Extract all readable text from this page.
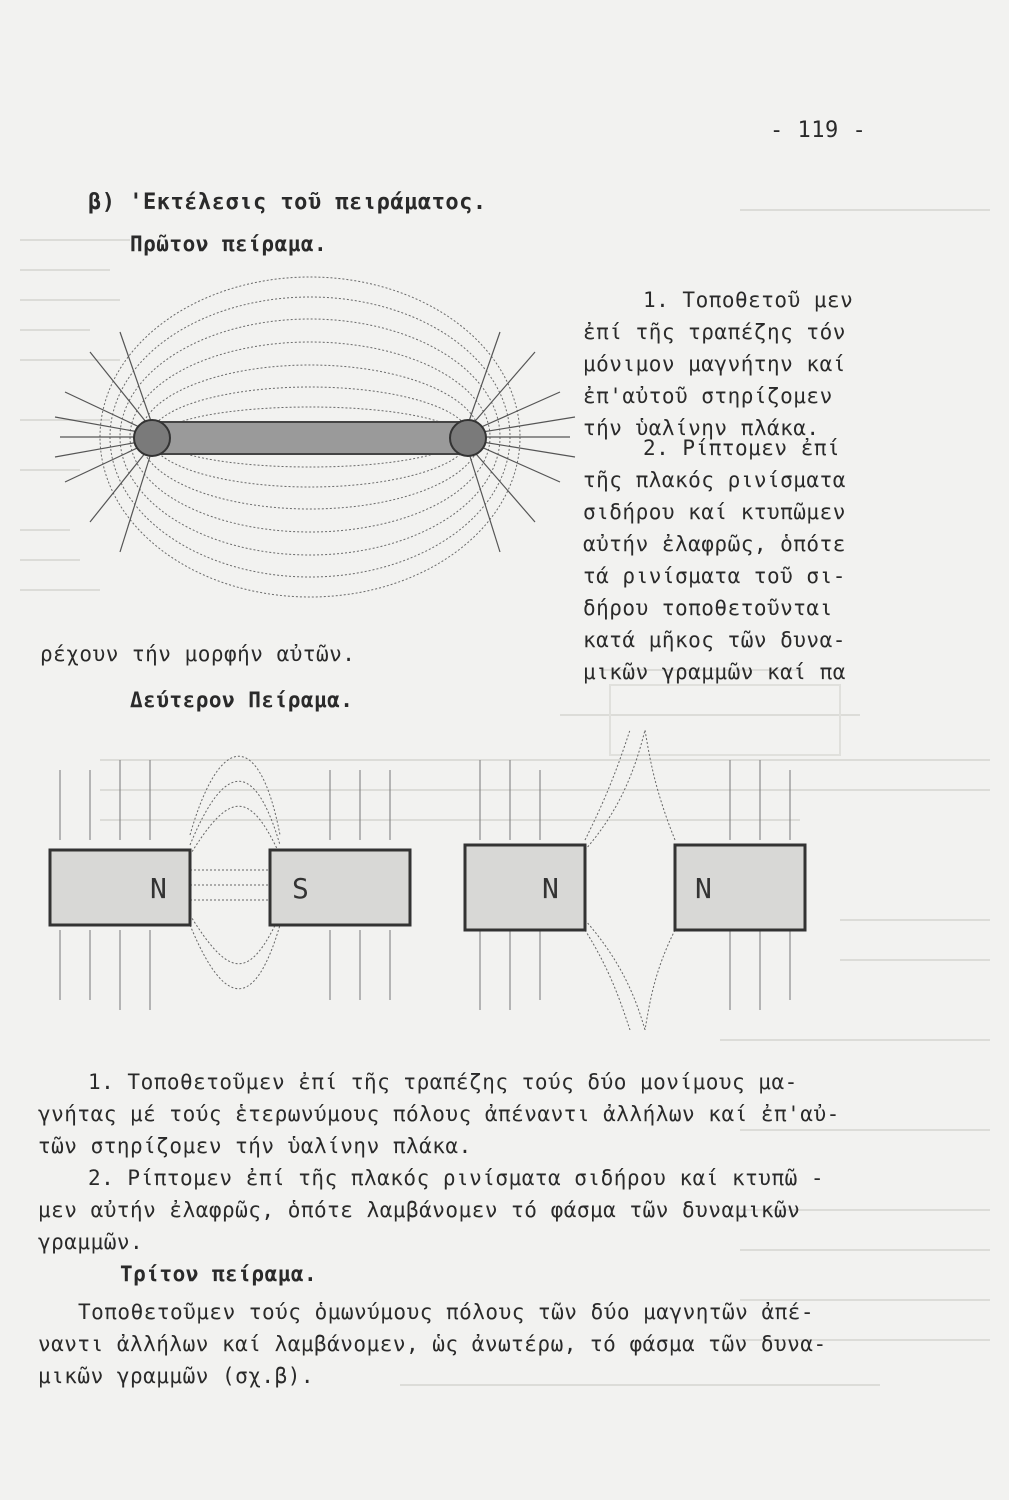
- 119 -
β) 'Εκτέλεσις τοῦ πειράματος.
Πρῶτον πείραμα.
1. Τοποθετοῦ μεν
ἐπί τῆς τραπέζης τόν
μόνιμον μαγνήτην καί
ἐπ'αὐτοῦ στηρίζομεν
τήν ὑαλίνην πλάκα.
2. Ρίπτομεν ἐπί
τῆς πλακός ρινίσματα
σιδήρου καί κτυπῶμεν
αὐτήν ἐλαφρῶς, ὁπότε
τά ρινίσματα τοῦ σι-
δήρου τοποθετοῦνται
κατά μῆκος τῶν δυνα-
μικῶν γραμμῶν καί πα
ρέχουν τήν μορφήν αὐτῶν.
Δεύτερον Πείραμα.
N	S	N	N
1. Τοποθετοῦμεν ἐπί τῆς τραπέζης τούς δύο μονίμους μα-
γνήτας μέ τούς ἑτερωνύμους πόλους ἀπέναντι ἀλλήλων καί ἐπ'αὐ-
τῶν στηρίζομεν τήν ὑαλίνην πλάκα.
2. Ρίπτομεν ἐπί τῆς πλακός ρινίσματα σιδήρου καί κτυπῶ -
μεν αὐτήν ἐλαφρῶς, ὁπότε λαμβάνομεν τό φάσμα τῶν δυναμικῶν
γραμμῶν.
Τρίτον πείραμα.
Τοποθετοῦμεν τούς ὁμωνύμους πόλους τῶν δύο μαγνητῶν ἀπέ-
ναντι ἀλλήλων καί λαμβάνομεν, ὡς ἀνωτέρω, τό φάσμα τῶν δυνα-
μικῶν γραμμῶν (σχ.β).
